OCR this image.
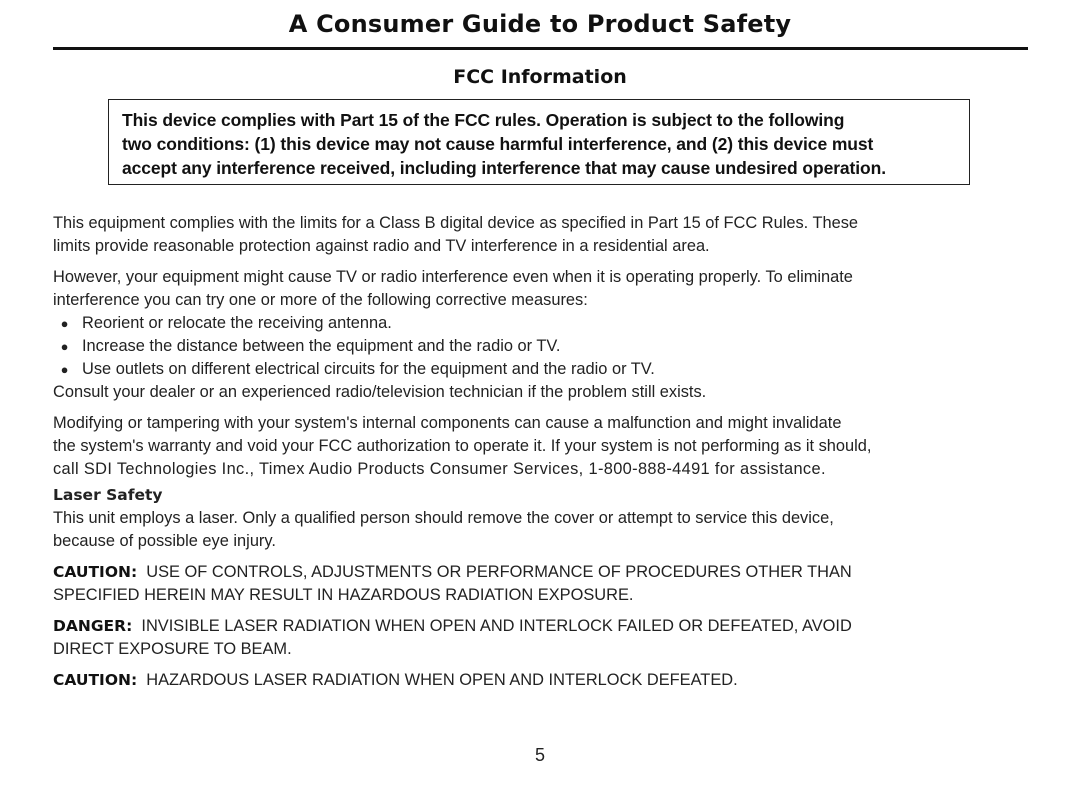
A Consumer Guide to Product Safety
FCC Information
This device complies with Part 15 of the FCC rules. Operation is subject to the following
two conditions: (1) this device may not cause harmful interference, and (2) this device must
accept any interference received, including interference that may cause undesired operation.
This equipment complies with the limits for a Class B digital device as specified in Part 15 of FCC Rules. These
limits provide reasonable protection against radio and TV interference in a residential area.
However, your equipment might cause TV or radio interference even when it is operating properly. To eliminate
interference you can try one or more of the following corrective measures:
● Reorient or relocate the receiving antenna.
● Increase the distance between the equipment and the radio or TV.
● Use outlets on different electrical circuits for the equipment and the radio or TV.
Consult your dealer or an experienced radio/television technician if the problem still exists.
Modifying or tampering with your system's internal components can cause a malfunction and might invalidate
the system's warranty and void your FCC authorization to operate it. If your system is not performing as it should,
call SDI Technologies Inc., Timex Audio Products Consumer Services, 1-800-888-4491 for assistance.
Laser Safety
This unit employs a laser. Only a qualified person should remove the cover or attempt to service this device,
because of possible eye injury.
CAUTION: USE OF CONTROLS, ADJUSTMENTS OR PERFORMANCE OF PROCEDURES OTHER THAN
SPECIFIED HEREIN MAY RESULT IN HAZARDOUS RADIATION EXPOSURE.
DANGER: INVISIBLE LASER RADIATION WHEN OPEN AND INTERLOCK FAILED OR DEFEATED, AVOID
DIRECT EXPOSURE TO BEAM.
CAUTION: HAZARDOUS LASER RADIATION WHEN OPEN AND INTERLOCK DEFEATED.
5
